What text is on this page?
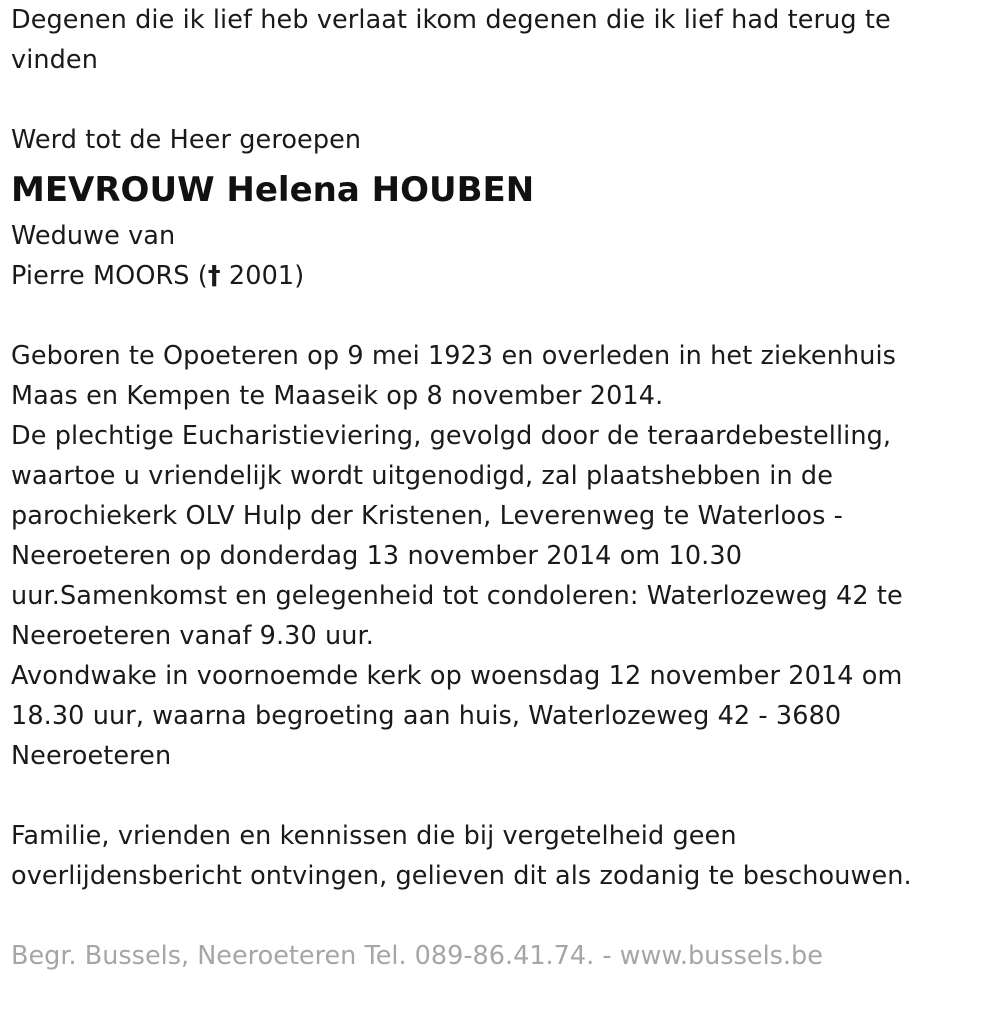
Degenen die ik lief heb verlaat ikom degenen die ik lief had terug te
vinden
Werd tot de Heer geroepen
MEVROUW Helena HOUBEN
Weduwe van
Pierre MOORS († 2001)
Geboren te Opoeteren op 9 mei 1923 en overleden in het ziekenhuis
Maas en Kempen te Maaseik op 8 november 2014.
De plechtige Eucharistieviering, gevolgd door de teraardebestelling,
waartoe u vriendelijk wordt uitgenodigd, zal plaatshebben in de
parochiekerk OLV Hulp der Kristenen, Leverenweg te Waterloos -
Neeroeteren op donderdag 13 november 2014 om 10.30
uur.Samenkomst en gelegenheid tot condoleren: Waterlozeweg 42 te
Neeroeteren vanaf 9.30 uur.
Avondwake in voornoemde kerk op woensdag 12 november 2014 om
18.30 uur, waarna begroeting aan huis, Waterlozeweg 42 - 3680
Neeroeteren
Familie, vrienden en kennissen die bij vergetelheid geen
overlijdensbericht ontvingen, gelieven dit als zodanig te beschouwen.
Begr. Bussels, Neeroeteren Tel. 089-86.41.74. - www.bussels.be
